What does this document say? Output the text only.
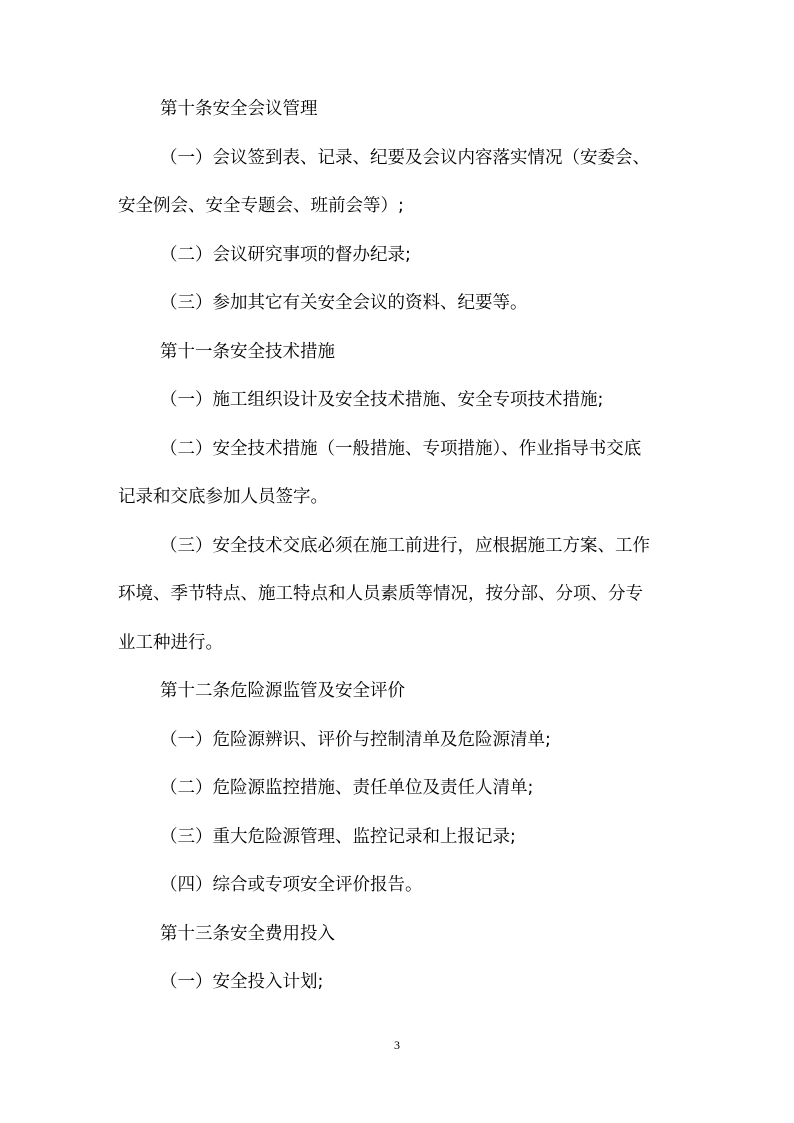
第十条安全会议管理
（一）会议签到表、记录、纪要及会议内容落实情况（安委会、
安全例会、安全专题会、班前会等）;
（二）会议研究事项的督办纪录;
（三）参加其它有关安全会议的资料、纪要等。
第十一条安全技术措施
（一）施工组织设计及安全技术措施、安全专项技术措施;
（二）安全技术措施（一般措施、专项措施）、作业指导书交底
记录和交底参加人员签字。
（三）安全技术交底必须在施工前进行，应根据施工方案、工作
环境、季节特点、施工特点和人员素质等情况，按分部、分项、分专
业工种进行。
第十二条危险源监管及安全评价
（一）危险源辨识、评价与控制清单及危险源清单;
（二）危险源监控措施、责任单位及责任人清单;
（三）重大危险源管理、监控记录和上报记录;
（四）综合或专项安全评价报告。
第十三条安全费用投入
（一）安全投入计划;
3
